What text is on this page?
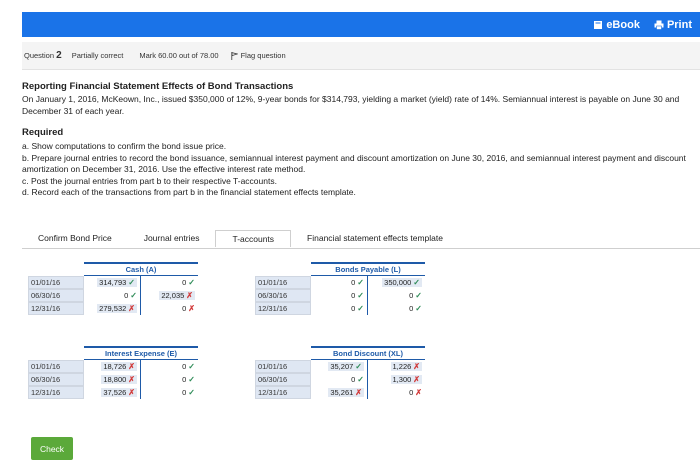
eBook Print
Question 2 Partially correct Mark 60.00 out of 78.00	Flag question
Reporting Financial Statement Effects of Bond Transactions
On January 1, 2016, McKeown, Inc., issued $350,000 of 12%, 9-year bonds for $314,793, yielding a market (yield) rate of 14%. Semiannual interest is payable on June 30 and December 31 of each year.
Required
a. Show computations to confirm the bond issue price.
b. Prepare journal entries to record the bond issuance, semiannual interest payment and discount amortization on June 30, 2016, and semiannual interest payment and discount amortization on December 31, 2016. Use the effective interest rate method.
c. Post the journal entries from part b to their respective T-accounts.
d. Record each of the transactions from part b in the financial statement effects template.
Confirm Bond Price	Journal entries	T-accounts	Financial statement effects template
Cash (A)
01/01/16	314,793 ✓	0 ✓
06/30/16	0 ✓	22,035 ✗
12/31/16	279,532 ✗	0 ✗
Bonds Payable (L)
01/01/16	0 ✓	350,000 ✓
06/30/16	0 ✓	0 ✓
12/31/16	0 ✓	0 ✓
Interest Expense (E)
01/01/16	18,726 ✗	0 ✓
06/30/16	18,800 ✗	0 ✓
12/31/16	37,526 ✗	0 ✓
Bond Discount (XL)
01/01/16	35,207 ✓	1,226 ✗
06/30/16	0 ✓	1,300 ✗
12/31/16	35,261 ✗	0 ✗
Check
